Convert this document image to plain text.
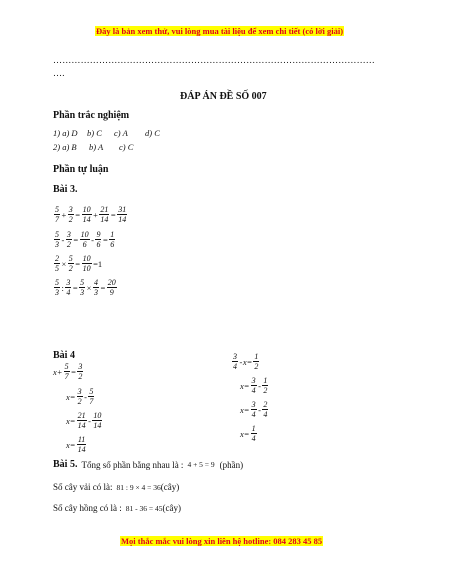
Đây là bản xem thử, vui lòng mua tài liệu để xem chi tiết (có lời giải)
……………………………………………………………………………………………
….
ĐÁP ÁN ĐỀ SỐ 007
Phần trắc nghiệm
1) a) D b) C c) A d) C
2) a) B b) A c) C
Phần tự luận
Bài 3.
$\frac{5}{7} + \frac{3}{2} = \frac{10}{14} + \frac{21}{14} = \frac{31}{14}$
$\frac{5}{3} - \frac{3}{2} = \frac{10}{6} - \frac{9}{6} = \frac{1}{6}$
$\frac{2}{5} \times \frac{5}{2} = \frac{10}{10} =1$
$\frac{5}{3}$ : $\frac{3}{4} = \frac{5}{3} \times \frac{4}{3} = \frac{20}{9}$
Bài 4
$x + \frac{5}{7} = \frac{3}{2}$
$x = \frac{3}{2} - \frac{5}{7}$
$x = \frac{21}{14} - \frac{10}{14}$
$x = \frac{11}{14}$
$\frac{3}{4} - x = \frac{1}{2}$
$x = \frac{3}{4} - \frac{1}{2}$
$x = \frac{3}{4} - \frac{2}{4}$
$x = \frac{1}{4}$
Bài 5. Tổng số phần bằng nhau là : 4 + 5 = 9 (phần)
Số cây vải có là: 81 : 9 × 4 = 36 (cây)
Số cây hồng có là : 81 - 36 = 45 (cây)
Mọi thắc mắc vui lòng xin liên hệ hotline: 084 283 45 85
